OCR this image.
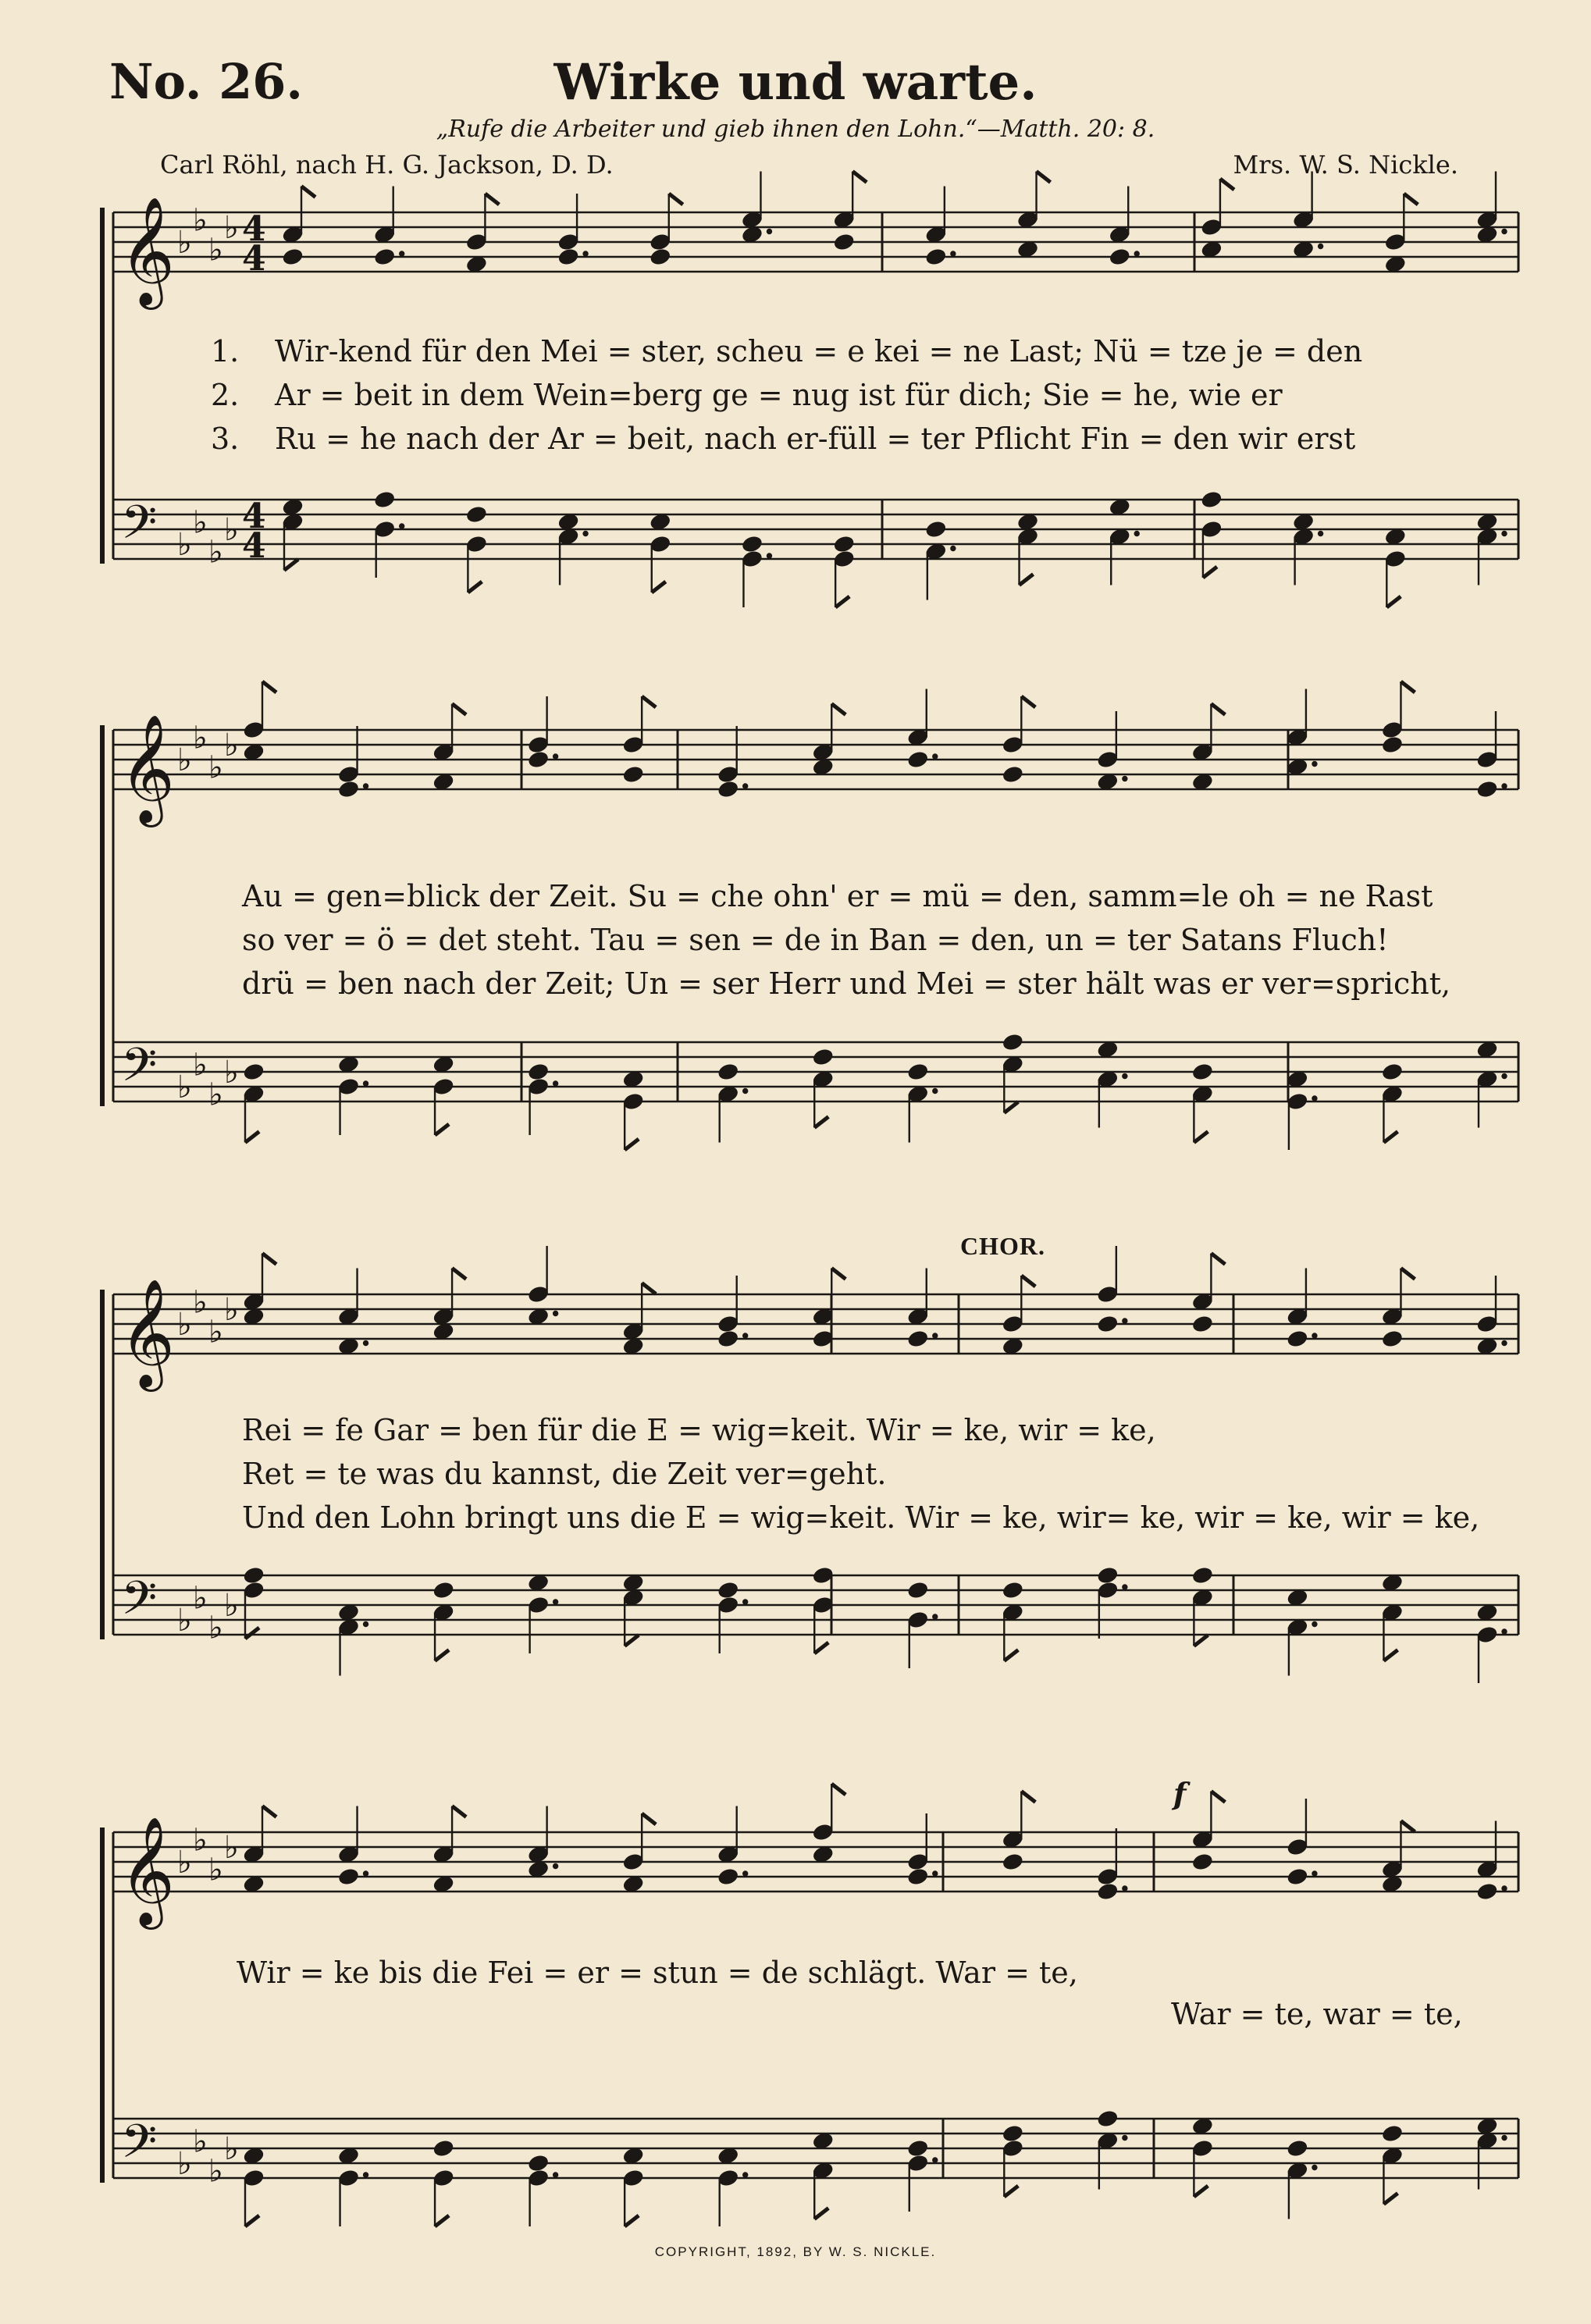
No. 26.	Wirke und warte.
„Rufe die Arbeiter und gieb ihnen den Lohn.“—Matth. 20: 8.
Carl Röhl, nach H. G. Jackson, D. D.	Mrs. W. S. Nickle.
𝄞 ♭
♭
♭
♭
𝄢 ♭
♭
♭
♭
4
4
4
4
𝄞 ♭
♭
♭
♭
𝄢 ♭
♭
♭
♭
𝄞 ♭
♭
♭
♭
𝄢 ♭
♭
♭
♭
𝄞 ♭
♭
♭
♭
𝄢 ♭
♭
♭
♭
1. Wir-kend für den Mei = ster, scheu = e kei = ne Last; Nü = tze je = den
2. Ar = beit in dem Wein=berg ge = nug ist für dich; Sie = he, wie er
3. Ru = he nach der Ar = beit, nach er-füll = ter Pflicht Fin = den wir erst
Au = gen=blick der Zeit. Su = che ohn' er = mü = den, samm=le oh = ne Rast
so ver = ö = det steht. Tau = sen = de in Ban = den, un = ter Satans Fluch!
drü = ben nach der Zeit; Un = ser Herr und Mei = ster hält was er ver=spricht,
CHOR.
Rei = fe Gar = ben für die E = wig=keit. Wir = ke, wir = ke,
Ret = te was du kannst, die Zeit ver=geht.
Und den Lohn bringt uns die E = wig=keit. Wir = ke, wir= ke, wir = ke, wir = ke,
f
Wir = ke bis die Fei = er = stun = de schlägt. War = te,
War = te, war = te,
COPYRIGHT, 1892, BY W. S. NICKLE.
